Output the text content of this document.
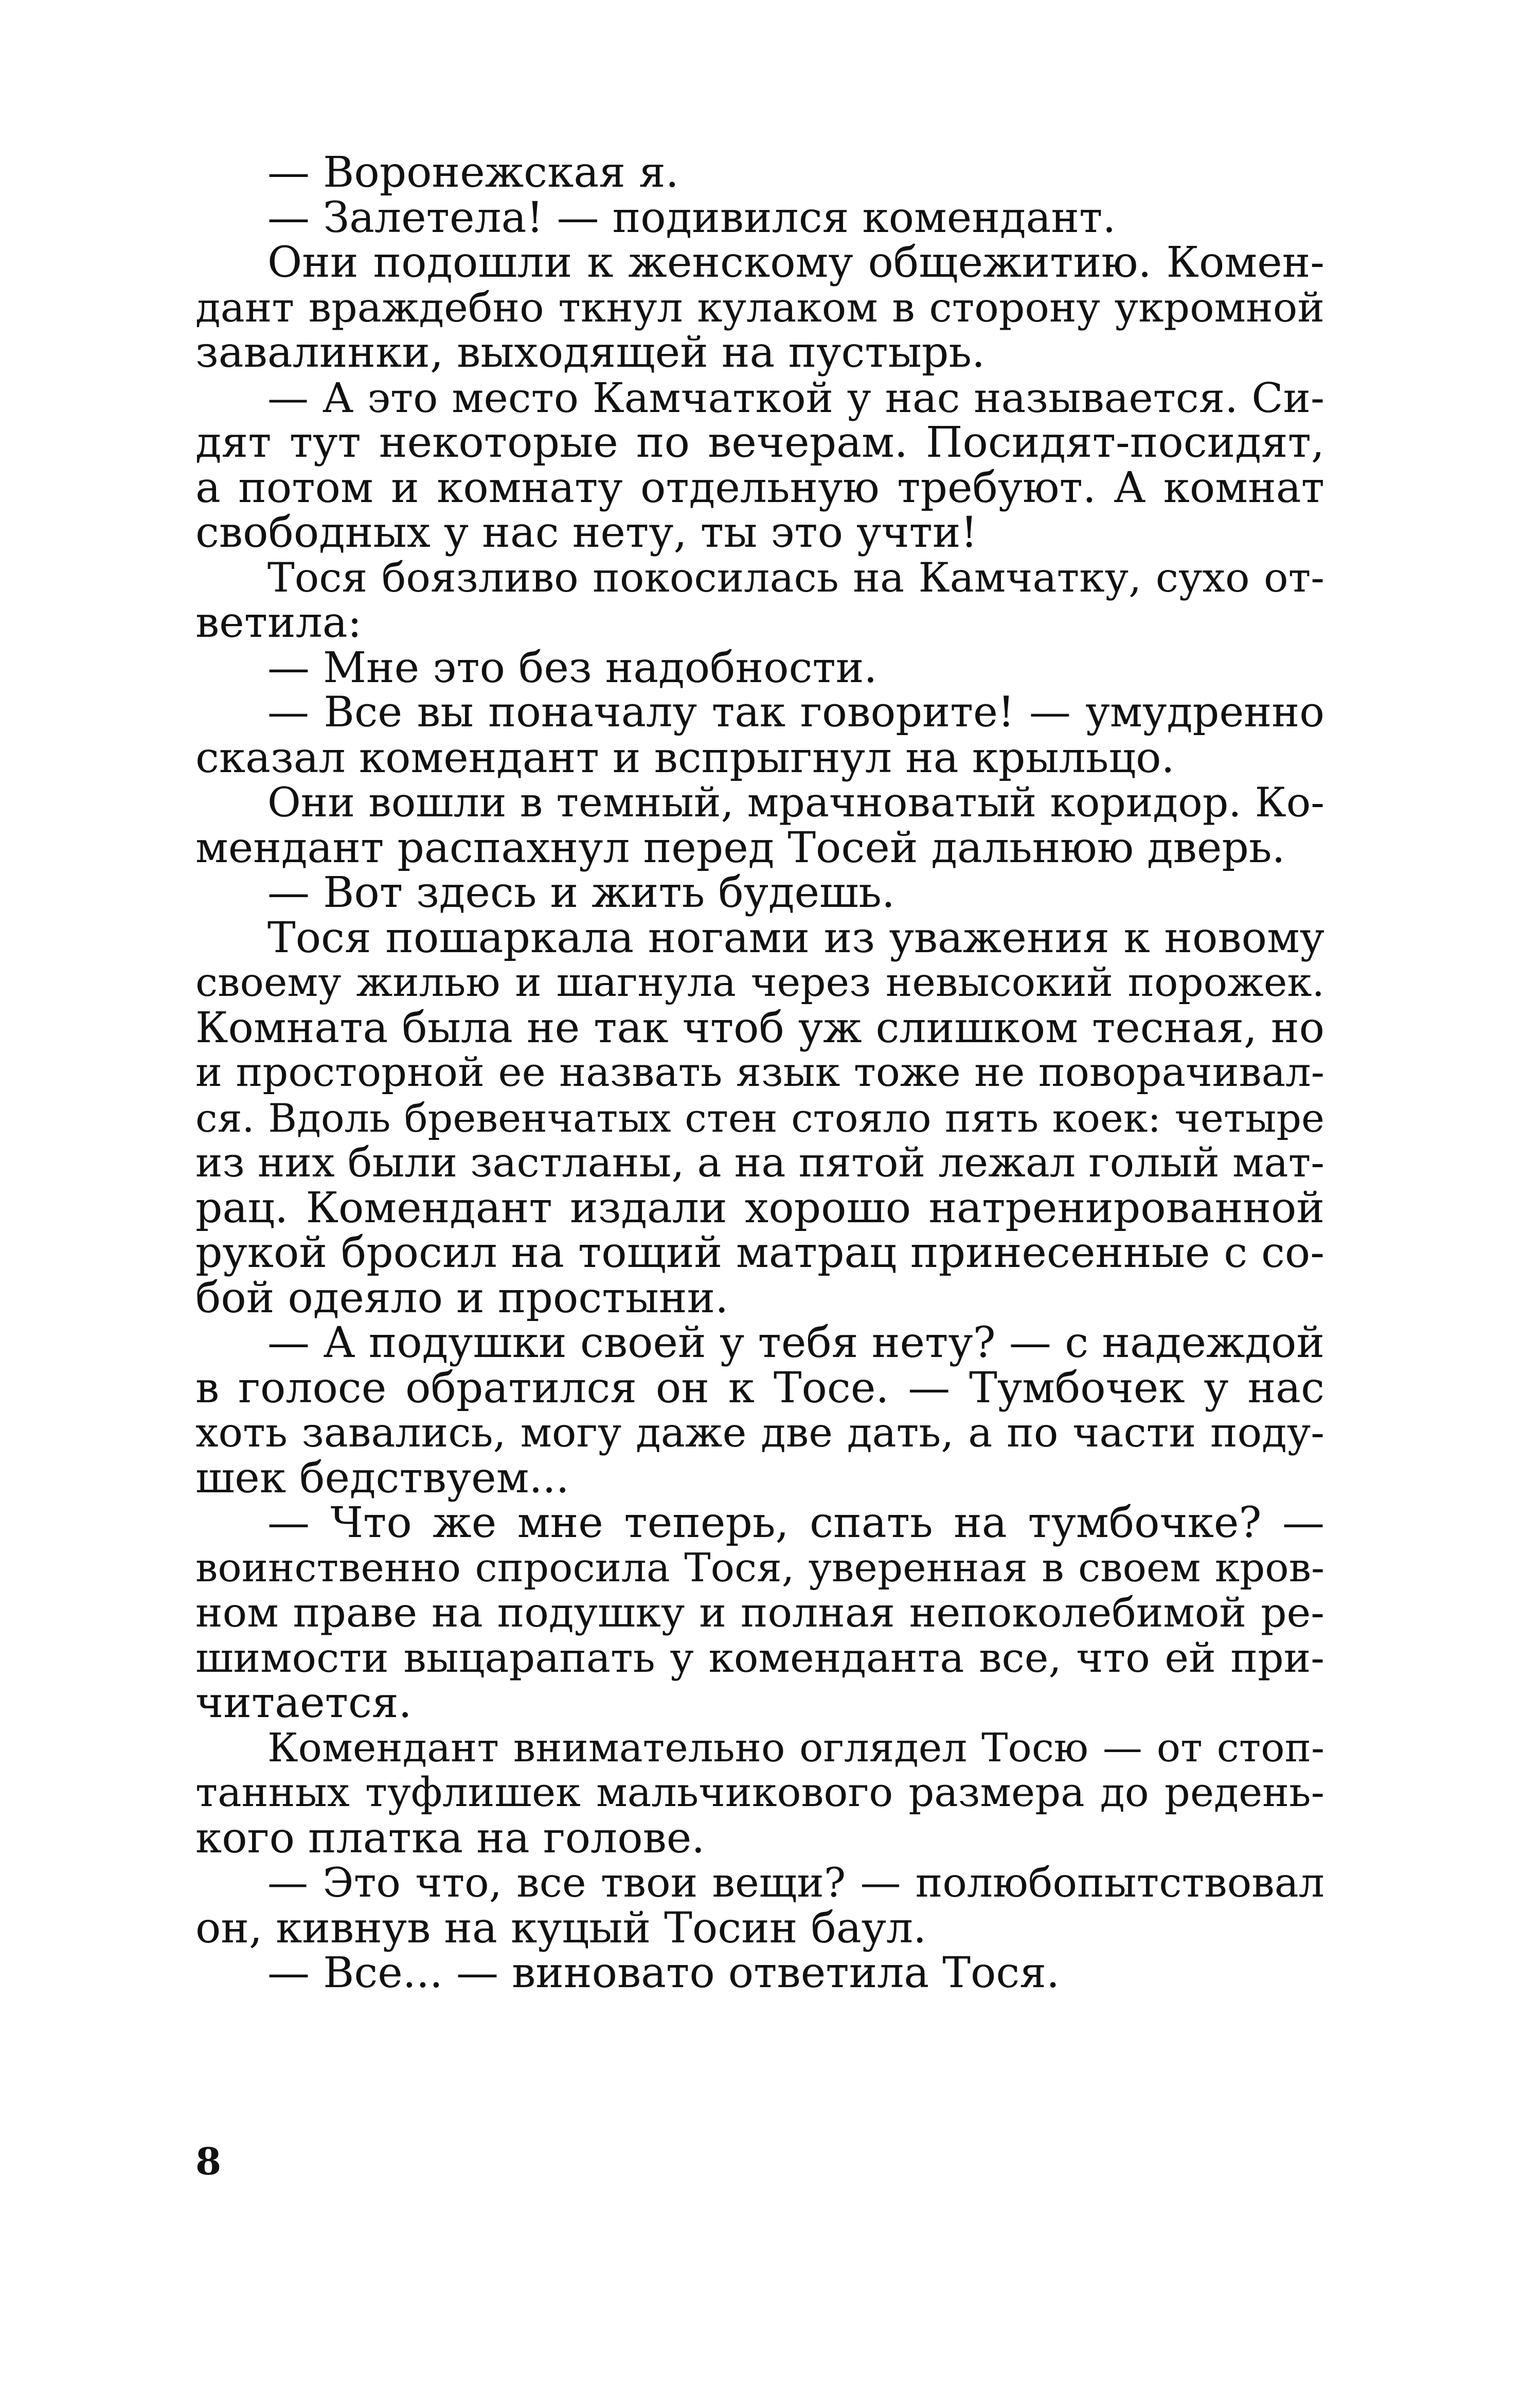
— Воронежская я.
— Залетела! — подивился комендант.
Они подошли к женскому общежитию. Комен-
дант враждебно ткнул кулаком в сторону укромной
завалинки, выходящей на пустырь.
— А это место Камчаткой у нас называется. Си-
дят тут некоторые по вечерам. Посидят-посидят,
а потом и комнату отдельную требуют. А комнат
свободных у нас нету, ты это учти!
Тося боязливо покосилась на Камчатку, сухо от-
ветила:
— Мне это без надобности.
— Все вы поначалу так говорите! — умудренно
сказал комендант и вспрыгнул на крыльцо.
Они вошли в темный, мрачноватый коридор. Ко-
мендант распахнул перед Тосей дальнюю дверь.
— Вот здесь и жить будешь.
Тося пошаркала ногами из уважения к новому
своему жилью и шагнула через невысокий порожек.
Комната была не так чтоб уж слишком тесная, но
и просторной ее назвать язык тоже не поворачивал-
ся. Вдоль бревенчатых стен стояло пять коек: четыре
из них были застланы, а на пятой лежал голый мат-
рац. Комендант издали хорошо натренированной
рукой бросил на тощий матрац принесенные с со-
бой одеяло и простыни.
— А подушки своей у тебя нету? — с надеждой
в голосе обратился он к Тосе. — Тумбочек у нас
хоть завались, могу даже две дать, а по части поду-
шек бедствуем...
— Что же мне теперь, спать на тумбочке? —
воинственно спросила Тося, уверенная в своем кров-
ном праве на подушку и полная непоколебимой ре-
шимости выцарапать у коменданта все, что ей при-
читается.
Комендант внимательно оглядел Тосю — от стоп-
танных туфлишек мальчикового размера до редень-
кого платка на голове.
— Это что, все твои вещи? — полюбопытствовал
он, кивнув на куцый Тосин баул.
— Все... — виновато ответила Тося.
8
